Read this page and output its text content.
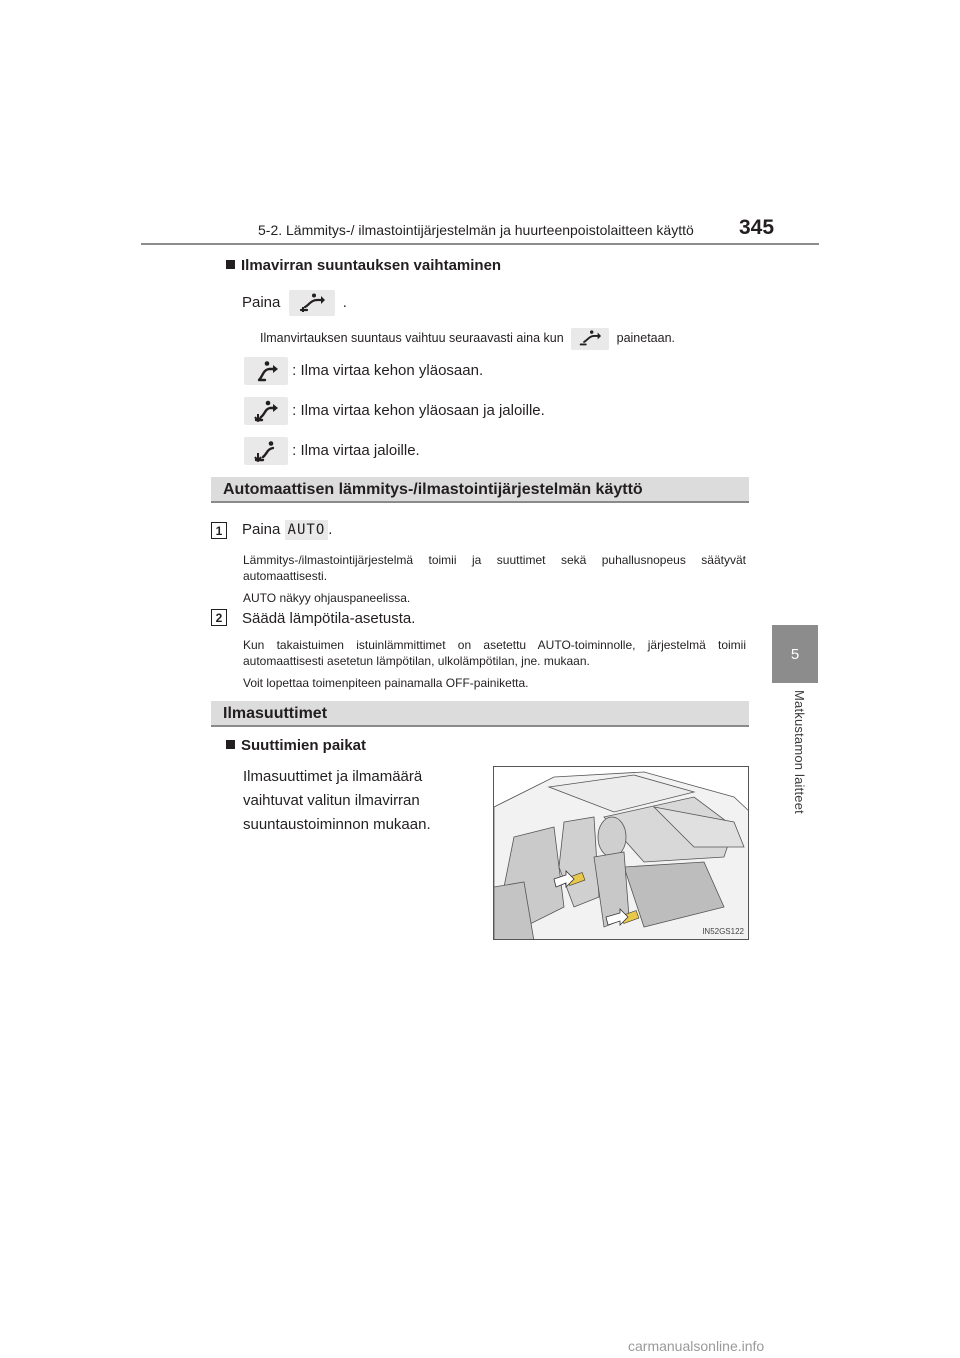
5-2. Lämmitys-/ ilmastointijärjestelmän ja huurteenpoistolaitteen käyttö 345
5
Matkustamon laitteet
Ilmavirran suuntauksen vaihtaminen
Paina	.
Ilmanvirtauksen suuntaus vaihtuu seuraavasti aina kun	painetaan.
: Ilma virtaa kehon yläosaan.
: Ilma virtaa kehon yläosaan ja jaloille.
: Ilma virtaa jaloille.
Automaattisen lämmitys-/ilmastointijärjestelmän käyttö
1	Paina AUTO .
Lämmitys-/ilmastointijärjestelmä toimii ja suuttimet sekä puhallusnopeus säätyvät automaattisesti.
AUTO näkyy ohjauspaneelissa.
2	Säädä lämpötila-asetusta.
Kun takaistuimen istuinlämmittimet on asetettu AUTO-toiminnolle, järjestelmä toimii automaattisesti asetetun lämpötilan, ulkolämpötilan, jne. mukaan.
Voit lopettaa toimenpiteen painamalla OFF-painiketta.
Ilmasuuttimet
Suuttimien paikat
Ilmasuuttimet ja ilmamäärä vaihtuvat valitun ilmavirran suuntaustoiminnon mukaan.
IN52GS122
carmanualsonline.info
